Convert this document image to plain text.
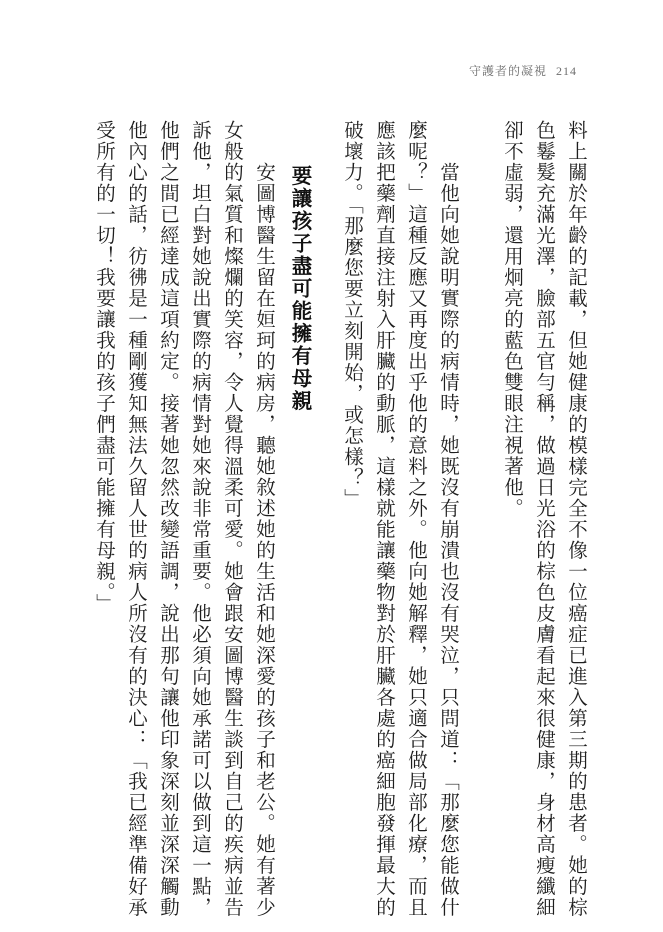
守護者的凝視 214
料上關於年齡的記載，但她健康的模樣完全不像一位癌症已進入第三期的患者。她的棕
色鬈髮充滿光澤，臉部五官勻稱，做過日光浴的棕色皮膚看起來很健康，身材高瘦纖細
卻不虛弱，還用炯亮的藍色雙眼注視著他。
　　當他向她說明實際的病情時，她既沒有崩潰也沒有哭泣，只問道：「那麼您能做什
麼呢？」這種反應又再度出乎他的意料之外。他向她解釋，她只適合做局部化療，而且
應該把藥劑直接注射入肝臟的動脈，這樣就能讓藥物對於肝臟各處的癌細胞發揮最大的
破壞力。「那麼您要立刻開始，或怎樣？」
　　要讓孩子盡可能擁有母親
　　安圖博醫生留在姮珂的病房，聽她敘述她的生活和她深愛的孩子和老公。她有著少
女般的氣質和燦爛的笑容，令人覺得溫柔可愛。她會跟安圖博醫生談到自己的疾病並告
訴他，坦白對她說出實際的病情對她來說非常重要。他必須向她承諾可以做到這一點，
他們之間已經達成這項約定。接著她忽然改變語調，說出那句讓他印象深刻並深深觸動
他內心的話，彷彿是一種剛獲知無法久留人世的病人所沒有的決心：「我已經準備好承
受所有的一切！我要讓我的孩子們盡可能擁有母親。」
